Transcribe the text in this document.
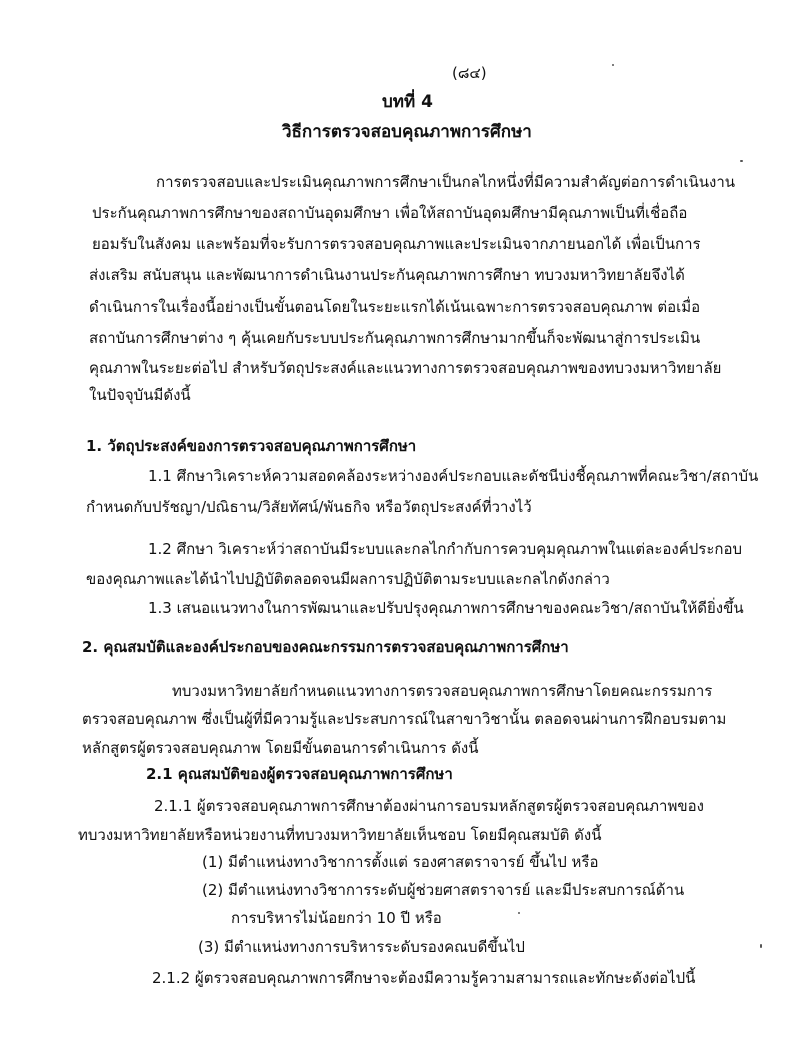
(๘๔)
บทที่ 4
วิธีการตรวจสอบคุณภาพการศึกษา
การตรวจสอบและประเมินคุณภาพการศึกษาเป็นกลไกหนึ่งที่มีความสำคัญต่อการดำเนินงาน
ประกันคุณภาพการศึกษาของสถาบันอุดมศึกษา เพื่อให้สถาบันอุดมศึกษามีคุณภาพเป็นที่เชื่อถือ
ยอมรับในสังคม และพร้อมที่จะรับการตรวจสอบคุณภาพและประเมินจากภายนอกได้ เพื่อเป็นการ
ส่งเสริม สนับสนุน และพัฒนาการดำเนินงานประกันคุณภาพการศึกษา ทบวงมหาวิทยาลัยจึงได้
ดำเนินการในเรื่องนี้อย่างเป็นขั้นตอนโดยในระยะแรกได้เน้นเฉพาะการตรวจสอบคุณภาพ ต่อเมื่อ
สถาบันการศึกษาต่าง ๆ คุ้นเคยกับระบบประกันคุณภาพการศึกษามากขึ้นก็จะพัฒนาสู่การประเมิน
คุณภาพในระยะต่อไป สำหรับวัตถุประสงค์และแนวทางการตรวจสอบคุณภาพของทบวงมหาวิทยาลัย
ในปัจจุบันมีดังนี้
1. วัตถุประสงค์ของการตรวจสอบคุณภาพการศึกษา
1.1 ศึกษาวิเคราะห์ความสอดคล้องระหว่างองค์ประกอบและดัชนีบ่งชี้คุณภาพที่คณะวิชา/สถาบัน
กำหนดกับปรัชญา/ปณิธาน/วิสัยทัศน์/พันธกิจ หรือวัตถุประสงค์ที่วางไว้
1.2 ศึกษา วิเคราะห์ว่าสถาบันมีระบบและกลไกกำกับการควบคุมคุณภาพในแต่ละองค์ประกอบ
ของคุณภาพและได้นำไปปฏิบัติตลอดจนมีผลการปฏิบัติตามระบบและกลไกดังกล่าว
1.3 เสนอแนวทางในการพัฒนาและปรับปรุงคุณภาพการศึกษาของคณะวิชา/สถาบันให้ดียิ่งขึ้น
2. คุณสมบัติและองค์ประกอบของคณะกรรมการตรวจสอบคุณภาพการศึกษา
ทบวงมหาวิทยาลัยกำหนดแนวทางการตรวจสอบคุณภาพการศึกษาโดยคณะกรรมการ
ตรวจสอบคุณภาพ ซึ่งเป็นผู้ที่มีความรู้และประสบการณ์ในสาขาวิชานั้น ตลอดจนผ่านการฝึกอบรมตาม
หลักสูตรผู้ตรวจสอบคุณภาพ โดยมีขั้นตอนการดำเนินการ ดังนี้
2.1 คุณสมบัติของผู้ตรวจสอบคุณภาพการศึกษา
2.1.1 ผู้ตรวจสอบคุณภาพการศึกษาต้องผ่านการอบรมหลักสูตรผู้ตรวจสอบคุณภาพของ
ทบวงมหาวิทยาลัยหรือหน่วยงานที่ทบวงมหาวิทยาลัยเห็นชอบ โดยมีคุณสมบัติ ดังนี้
(1) มีตำแหน่งทางวิชาการตั้งแต่ รองศาสตราจารย์ ขึ้นไป หรือ
(2) มีตำแหน่งทางวิชาการระดับผู้ช่วยศาสตราจารย์ และมีประสบการณ์ด้าน
การบริหารไม่น้อยกว่า 10 ปี หรือ
(3) มีตำแหน่งทางการบริหารระดับรองคณบดีขึ้นไป
2.1.2 ผู้ตรวจสอบคุณภาพการศึกษาจะต้องมีความรู้ความสามารถและทักษะดังต่อไปนี้
